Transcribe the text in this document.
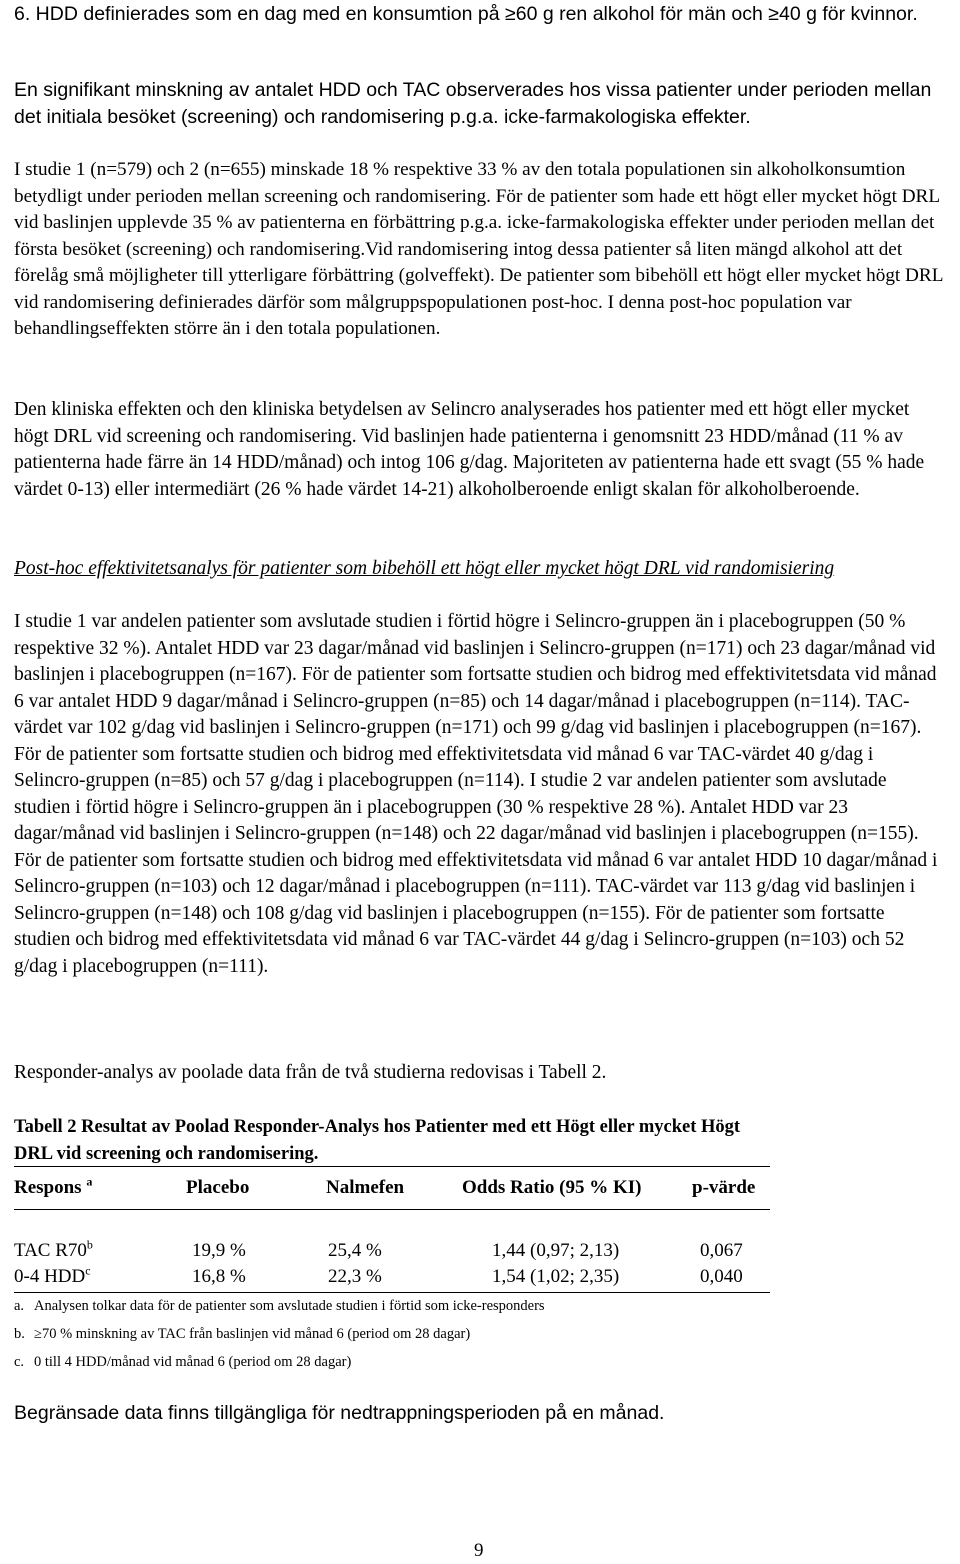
6. HDD definierades som en dag med en konsumtion på ≥60 g ren alkohol för män och ≥40 g för kvinnor.

En signifikant minskning av antalet HDD och TAC observerades hos vissa patienter under perioden mellan det initiala besöket (screening) och randomisering p.g.a. icke-farmakologiska effekter.

I studie 1 (n=579) och 2 (n=655) minskade 18 % respektive 33 % av den totala populationen sin alkoholkonsumtion betydligt under perioden mellan screening och randomisering. För de patienter som hade ett högt eller mycket högt DRL vid baslinjen upplevde 35 % av patienterna en förbättring p.g.a. icke-farmakologiska effekter under perioden mellan det första besöket (screening) och randomisering.Vid randomisering intog dessa patienter så liten mängd alkohol att det förelåg små möjligheter till ytterligare förbättring (golveffekt). De patienter som bibehöll ett högt eller mycket högt DRL vid randomisering definierades därför som målgruppspopulationen post-hoc. I denna post-hoc population var behandlingseffekten större än i den totala populationen.

Den kliniska effekten och den kliniska betydelsen av Selincro analyserades hos patienter med ett högt eller mycket högt DRL vid screening och randomisering. Vid baslinjen hade patienterna i genomsnitt 23 HDD/månad (11 % av patienterna hade färre än 14 HDD/månad) och intog 106 g/dag. Majoriteten av patienterna hade ett svagt (55 % hade värdet 0-13) eller intermediärt (26 % hade värdet 14-21) alkoholberoende enligt skalan för alkoholberoende.

Post-hoc effektivitetsanalys för patienter som bibehöll ett högt eller mycket högt DRL vid randomisiering

I studie 1 var andelen patienter som avslutade studien i förtid högre i Selincro-gruppen än i placebogruppen (50 % respektive 32 %). Antalet HDD var 23 dagar/månad vid baslinjen i Selincro-gruppen (n=171) och 23 dagar/månad vid baslinjen i placebogruppen (n=167). För de patienter som fortsatte studien och bidrog med effektivitetsdata vid månad 6 var antalet HDD 9 dagar/månad i Selincro-gruppen (n=85) och 14 dagar/månad i placebogruppen (n=114). TAC-värdet var 102 g/dag vid baslinjen i Selincro-gruppen (n=171) och 99 g/dag vid baslinjen i placebogruppen (n=167). För de patienter som fortsatte studien och bidrog med effektivitetsdata vid månad 6 var TAC-värdet 40 g/dag i Selincro-gruppen (n=85) och 57 g/dag i placebogruppen (n=114). I studie 2 var andelen patienter som avslutade studien i förtid högre i Selincro-gruppen än i placebogruppen (30 % respektive 28 %). Antalet HDD var 23 dagar/månad vid baslinjen i Selincro-gruppen (n=148) och 22 dagar/månad vid baslinjen i placebogruppen (n=155). För de patienter som fortsatte studien och bidrog med effektivitetsdata vid månad 6 var antalet HDD 10 dagar/månad i Selincro-gruppen (n=103) och 12 dagar/månad i placebogruppen (n=111). TAC-värdet var 113 g/dag vid baslinjen i Selincro-gruppen (n=148) och 108 g/dag vid baslinjen i placebogruppen (n=155). För de patienter som fortsatte studien och bidrog med effektivitetsdata vid månad 6 var TAC-värdet 44 g/dag i Selincro-gruppen (n=103) och 52 g/dag i placebogruppen (n=111).

Responder-analys av poolade data från de två studierna redovisas i Tabell 2.

Tabell 2 Resultat av Poolad Responder-Analys hos Patienter med ett Högt eller mycket Högt DRL vid screening och randomisering.

Respons $^a$	Placebo	Nalmefen	Odds Ratio (95 % KI)	p-värde
TAC R70$^b$	19,9 %	25,4 %	1,44 (0,97; 2,13)	0,067
0-4 HDD$^c$	16,8 %	22,3 %	1,54 (1,02; 2,35)	0,040
a. Analysen tolkar data för de patienter som avslutade studien i förtid som icke-responders
b. ≥70 % minskning av TAC från baslinjen vid månad 6 (period om 28 dagar)
c. 0 till 4 HDD/månad vid månad 6 (period om 28 dagar)

Begränsade data finns tillgängliga för nedtrappningsperioden på en månad.

9
